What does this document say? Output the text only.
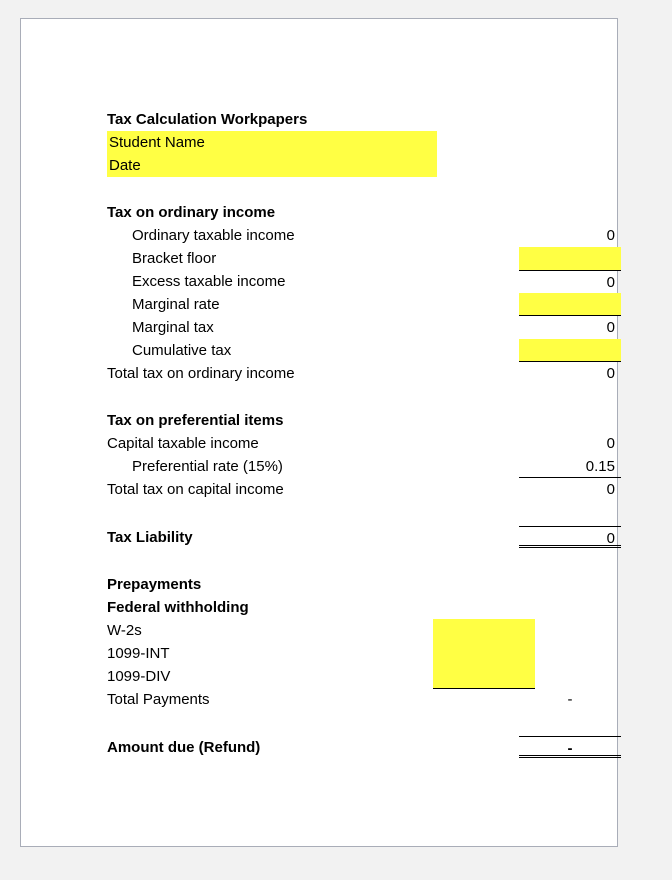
Tax Calculation Workpapers
Student Name
Date
Tax on ordinary income
Ordinary taxable income	0
Bracket floor
Excess taxable income	0
Marginal rate
Marginal tax	0
Cumulative tax
Total tax on ordinary income	0
Tax on preferential items
Capital taxable income	0
Preferential rate (15%)	0.15
Total tax on capital income	0
Tax Liability	0
Prepayments
Federal withholding
W-2s
1099-INT
1099-DIV
Total Payments	-
Amount due (Refund)	-
